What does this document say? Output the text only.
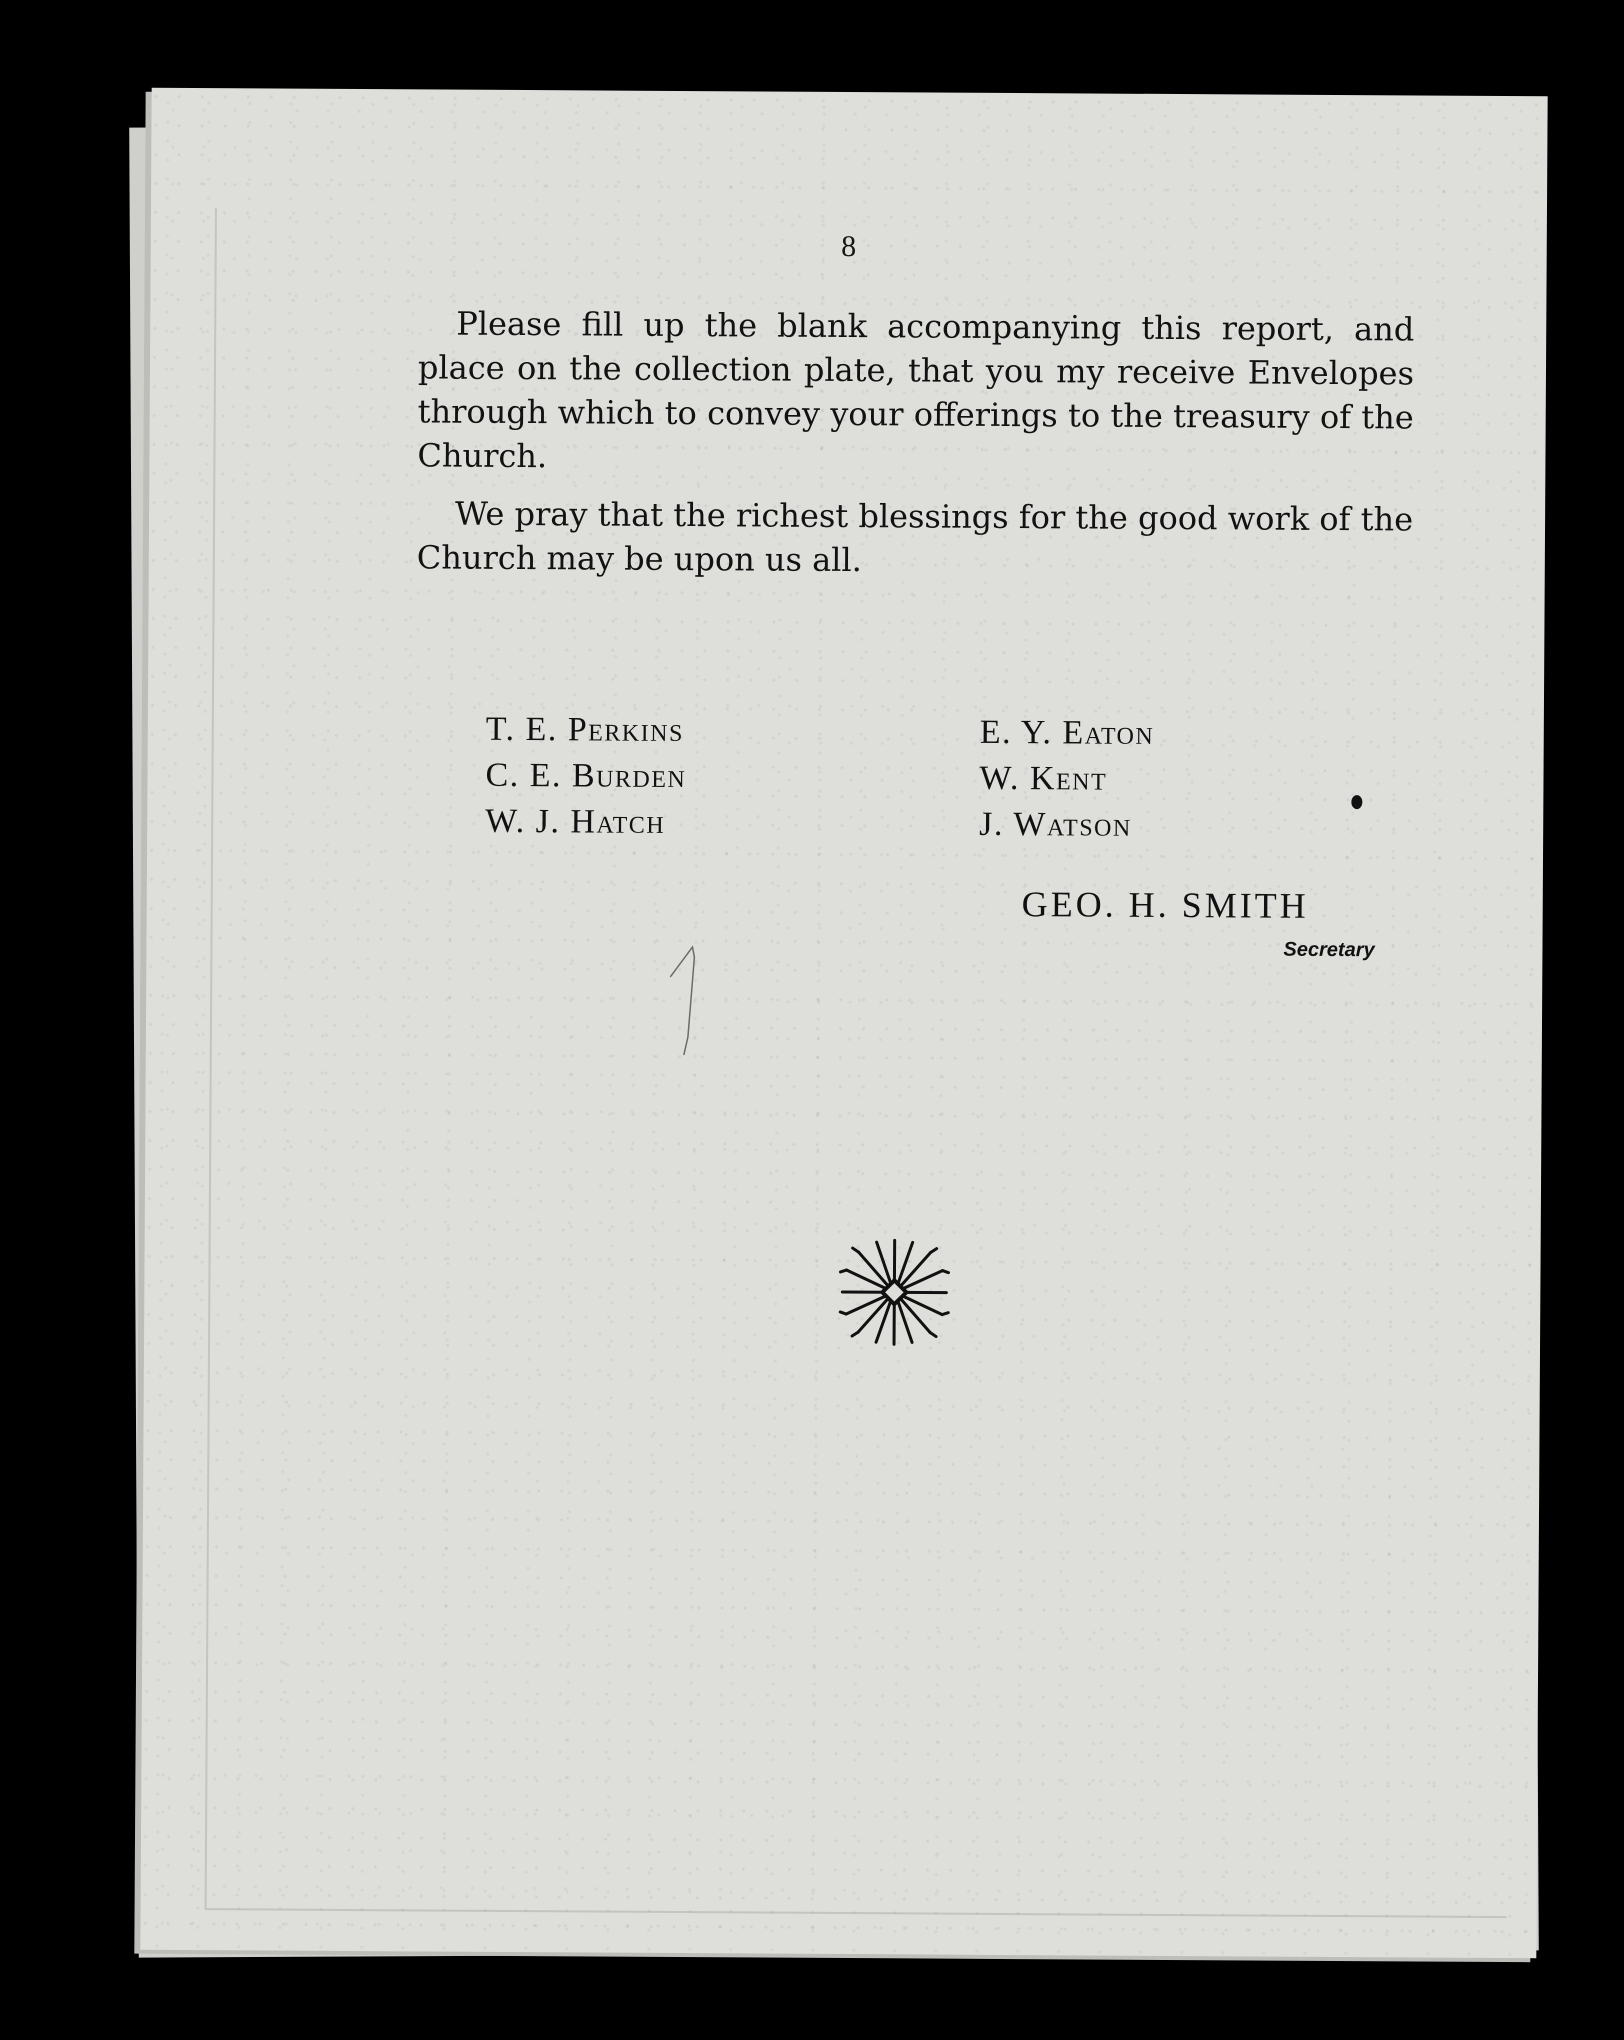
8

Please fill up the blank accompanying this report, and place on the collection plate, that you my receive Envelopes through which to convey your offerings to the treasury of the Church.

We pray that the richest blessings for the good work of the Church may be upon us all.

T. E. Perkins	E. Y. Eaton
C. E. Burden	W. Kent
W. J. Hatch	J. Watson
GEO. H. SMITH
Secretary
